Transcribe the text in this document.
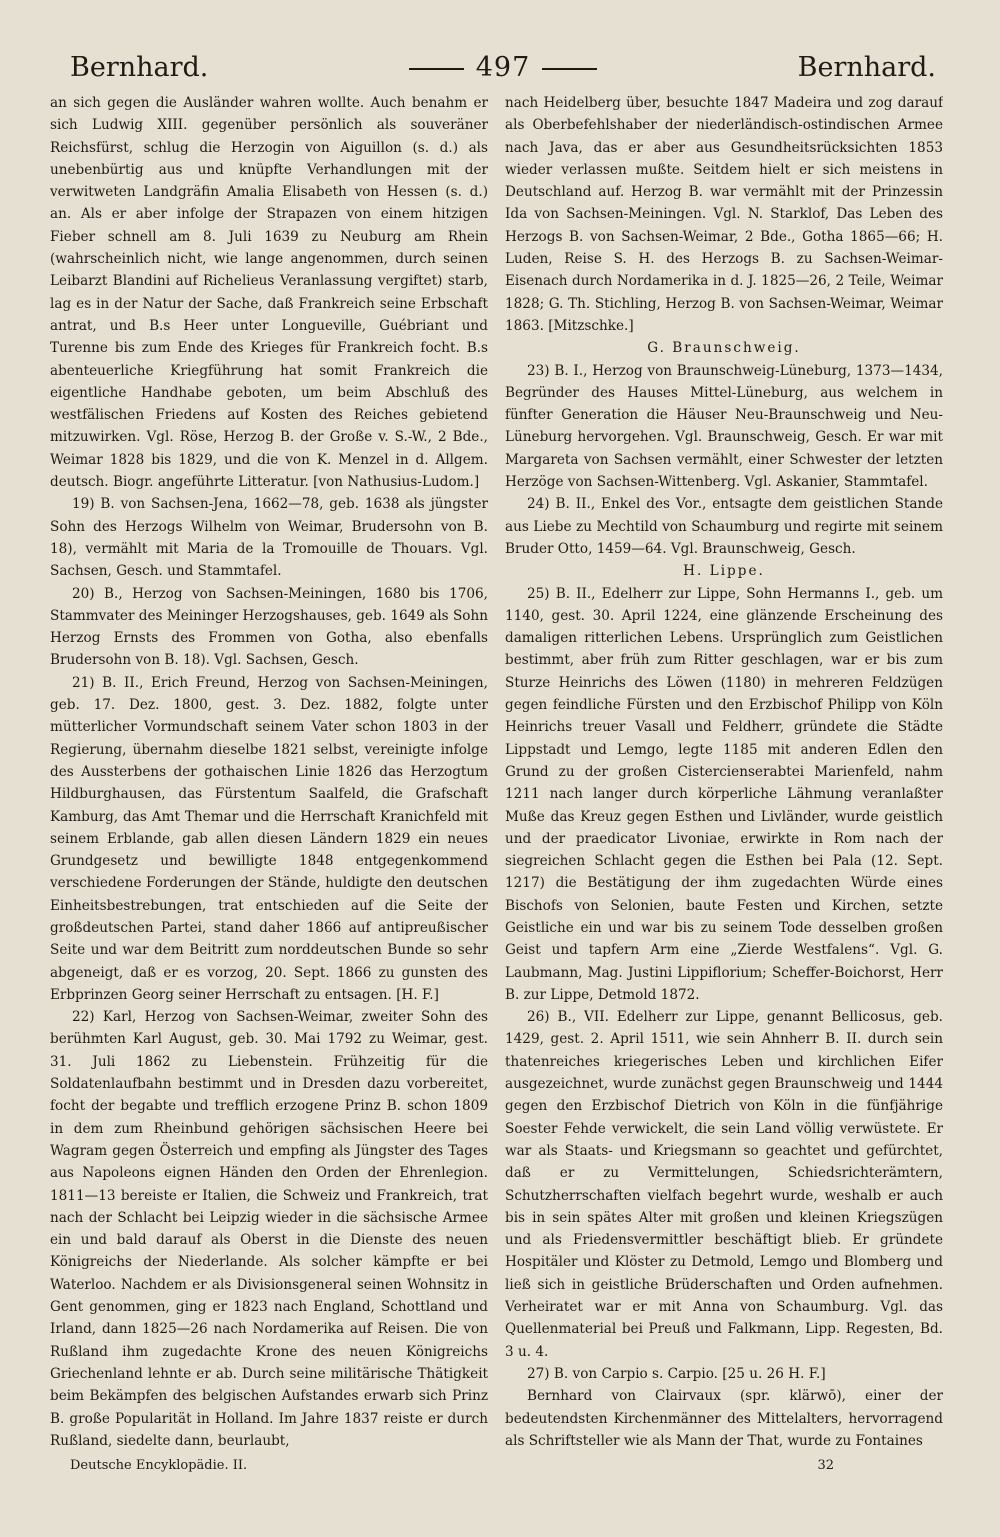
Bernhard.	497	Bernhard.

an sich gegen die Ausländer wahren wollte. Auch benahm er sich Ludwig XIII. gegenüber persönlich als souveräner Reichsfürst, schlug die Herzogin von Aiguillon (s. d.) als unebenbürtig aus und knüpfte Verhandlungen mit der verwitweten Landgräfin Amalia Elisabeth von Hessen (s. d.) an. Als er aber infolge der Strapazen von einem hitzigen Fieber schnell am 8. Juli 1639 zu Neuburg am Rhein (wahrscheinlich nicht, wie lange angenommen, durch seinen Leibarzt Blandini auf Richelieus Veranlassung vergiftet) starb, lag es in der Natur der Sache, daß Frankreich seine Erbschaft antrat, und B.s Heer unter Longueville, Guébriant und Turenne bis zum Ende des Krieges für Frankreich focht. B.s abenteuerliche Kriegführung hat somit Frankreich die eigentliche Handhabe geboten, um beim Abschluß des westfälischen Friedens auf Kosten des Reiches gebietend mitzuwirken. Vgl. Röse, Herzog B. der Große v. S.-W., 2 Bde., Weimar 1828 bis 1829, und die von K. Menzel in d. Allgem. deutsch. Biogr. angeführte Litteratur. [von Nathusius-Ludom.]

19) B. von Sachsen-Jena, 1662—78, geb. 1638 als jüngster Sohn des Herzogs Wilhelm von Weimar, Brudersohn von B. 18), vermählt mit Maria de la Tromouille de Thouars. Vgl. Sachsen, Gesch. und Stammtafel.

20) B., Herzog von Sachsen-Meiningen, 1680 bis 1706, Stammvater des Meininger Herzogshauses, geb. 1649 als Sohn Herzog Ernsts des Frommen von Gotha, also ebenfalls Brudersohn von B. 18). Vgl. Sachsen, Gesch.

21) B. II., Erich Freund, Herzog von Sachsen-Meiningen, geb. 17. Dez. 1800, gest. 3. Dez. 1882, folgte unter mütterlicher Vormundschaft seinem Vater schon 1803 in der Regierung, übernahm dieselbe 1821 selbst, vereinigte infolge des Aussterbens der gothaischen Linie 1826 das Herzogtum Hildburghausen, das Fürstentum Saalfeld, die Grafschaft Kamburg, das Amt Themar und die Herrschaft Kranichfeld mit seinem Erblande, gab allen diesen Ländern 1829 ein neues Grundgesetz und bewilligte 1848 entgegenkommend verschiedene Forderungen der Stände, huldigte den deutschen Einheitsbestrebungen, trat entschieden auf die Seite der großdeutschen Partei, stand daher 1866 auf antipreußischer Seite und war dem Beitritt zum norddeutschen Bunde so sehr abgeneigt, daß er es vorzog, 20. Sept. 1866 zu gunsten des Erbprinzen Georg seiner Herrschaft zu entsagen. [H. F.]

22) Karl, Herzog von Sachsen-Weimar, zweiter Sohn des berühmten Karl August, geb. 30. Mai 1792 zu Weimar, gest. 31. Juli 1862 zu Liebenstein. Frühzeitig für die Soldatenlaufbahn bestimmt und in Dresden dazu vorbereitet, focht der begabte und trefflich erzogene Prinz B. schon 1809 in dem zum Rheinbund gehörigen sächsischen Heere bei Wagram gegen Österreich und empfing als Jüngster des Tages aus Napoleons eignen Händen den Orden der Ehrenlegion. 1811—13 bereiste er Italien, die Schweiz und Frankreich, trat nach der Schlacht bei Leipzig wieder in die sächsische Armee ein und bald darauf als Oberst in die Dienste des neuen Königreichs der Niederlande. Als solcher kämpfte er bei Waterloo. Nachdem er als Divisionsgeneral seinen Wohnsitz in Gent genommen, ging er 1823 nach England, Schottland und Irland, dann 1825—26 nach Nordamerika auf Reisen. Die von Rußland ihm zugedachte Krone des neuen Königreichs Griechenland lehnte er ab. Durch seine militärische Thätigkeit beim Bekämpfen des belgischen Aufstandes erwarb sich Prinz B. große Popularität in Holland. Im Jahre 1837 reiste er durch Rußland, siedelte dann, beurlaubt,

nach Heidelberg über, besuchte 1847 Madeira und zog darauf als Oberbefehlshaber der niederländisch-ostindischen Armee nach Java, das er aber aus Gesundheitsrücksichten 1853 wieder verlassen mußte. Seitdem hielt er sich meistens in Deutschland auf. Herzog B. war vermählt mit der Prinzessin Ida von Sachsen-Meiningen. Vgl. N. Starklof, Das Leben des Herzogs B. von Sachsen-Weimar, 2 Bde., Gotha 1865—66; H. Luden, Reise S. H. des Herzogs B. zu Sachsen-Weimar-Eisenach durch Nordamerika in d. J. 1825—26, 2 Teile, Weimar 1828; G. Th. Stichling, Herzog B. von Sachsen-Weimar, Weimar 1863. [Mitzschke.]

G. Braunschweig.

23) B. I., Herzog von Braunschweig-Lüneburg, 1373—1434, Begründer des Hauses Mittel-Lüneburg, aus welchem in fünfter Generation die Häuser Neu-Braunschweig und Neu-Lüneburg hervorgehen. Vgl. Braunschweig, Gesch. Er war mit Margareta von Sachsen vermählt, einer Schwester der letzten Herzöge von Sachsen-Wittenberg. Vgl. Askanier, Stammtafel.

24) B. II., Enkel des Vor., entsagte dem geistlichen Stande aus Liebe zu Mechtild von Schaumburg und regirte mit seinem Bruder Otto, 1459—64. Vgl. Braunschweig, Gesch.

H. Lippe.

25) B. II., Edelherr zur Lippe, Sohn Hermanns I., geb. um 1140, gest. 30. April 1224, eine glänzende Erscheinung des damaligen ritterlichen Lebens. Ursprünglich zum Geistlichen bestimmt, aber früh zum Ritter geschlagen, war er bis zum Sturze Heinrichs des Löwen (1180) in mehreren Feldzügen gegen feindliche Fürsten und den Erzbischof Philipp von Köln Heinrichs treuer Vasall und Feldherr, gründete die Städte Lippstadt und Lemgo, legte 1185 mit anderen Edlen den Grund zu der großen Cistercienserabtei Marienfeld, nahm 1211 nach langer durch körperliche Lähmung veranlaßter Muße das Kreuz gegen Esthen und Livländer, wurde geistlich und der praedicator Livoniae, erwirkte in Rom nach der siegreichen Schlacht gegen die Esthen bei Pala (12. Sept. 1217) die Bestätigung der ihm zugedachten Würde eines Bischofs von Selonien, baute Festen und Kirchen, setzte Geistliche ein und war bis zu seinem Tode desselben großen Geist und tapfern Arm eine „Zierde Westfalens“. Vgl. G. Laubmann, Mag. Justini Lippiflorium; Scheffer-Boichorst, Herr B. zur Lippe, Detmold 1872.

26) B., VII. Edelherr zur Lippe, genannt Bellicosus, geb. 1429, gest. 2. April 1511, wie sein Ahnherr B. II. durch sein thatenreiches kriegerisches Leben und kirchlichen Eifer ausgezeichnet, wurde zunächst gegen Braunschweig und 1444 gegen den Erzbischof Dietrich von Köln in die fünfjährige Soester Fehde verwickelt, die sein Land völlig verwüstete. Er war als Staats- und Kriegsmann so geachtet und gefürchtet, daß er zu Vermittelungen, Schiedsrichterämtern, Schutzherrschaften vielfach begehrt wurde, weshalb er auch bis in sein spätes Alter mit großen und kleinen Kriegszügen und als Friedensvermittler beschäftigt blieb. Er gründete Hospitäler und Klöster zu Detmold, Lemgo und Blomberg und ließ sich in geistliche Brüderschaften und Orden aufnehmen. Verheiratet war er mit Anna von Schaumburg. Vgl. das Quellenmaterial bei Preuß und Falkmann, Lipp. Regesten, Bd. 3 u. 4.

27) B. von Carpio s. Carpio. [25 u. 26 H. F.]

Bernhard von Clairvaux (spr. klärwō), einer der bedeutendsten Kirchenmänner des Mittelalters, hervorragend als Schriftsteller wie als Mann der That, wurde zu Fontaines

Deutsche Encyklopädie. II.	32
